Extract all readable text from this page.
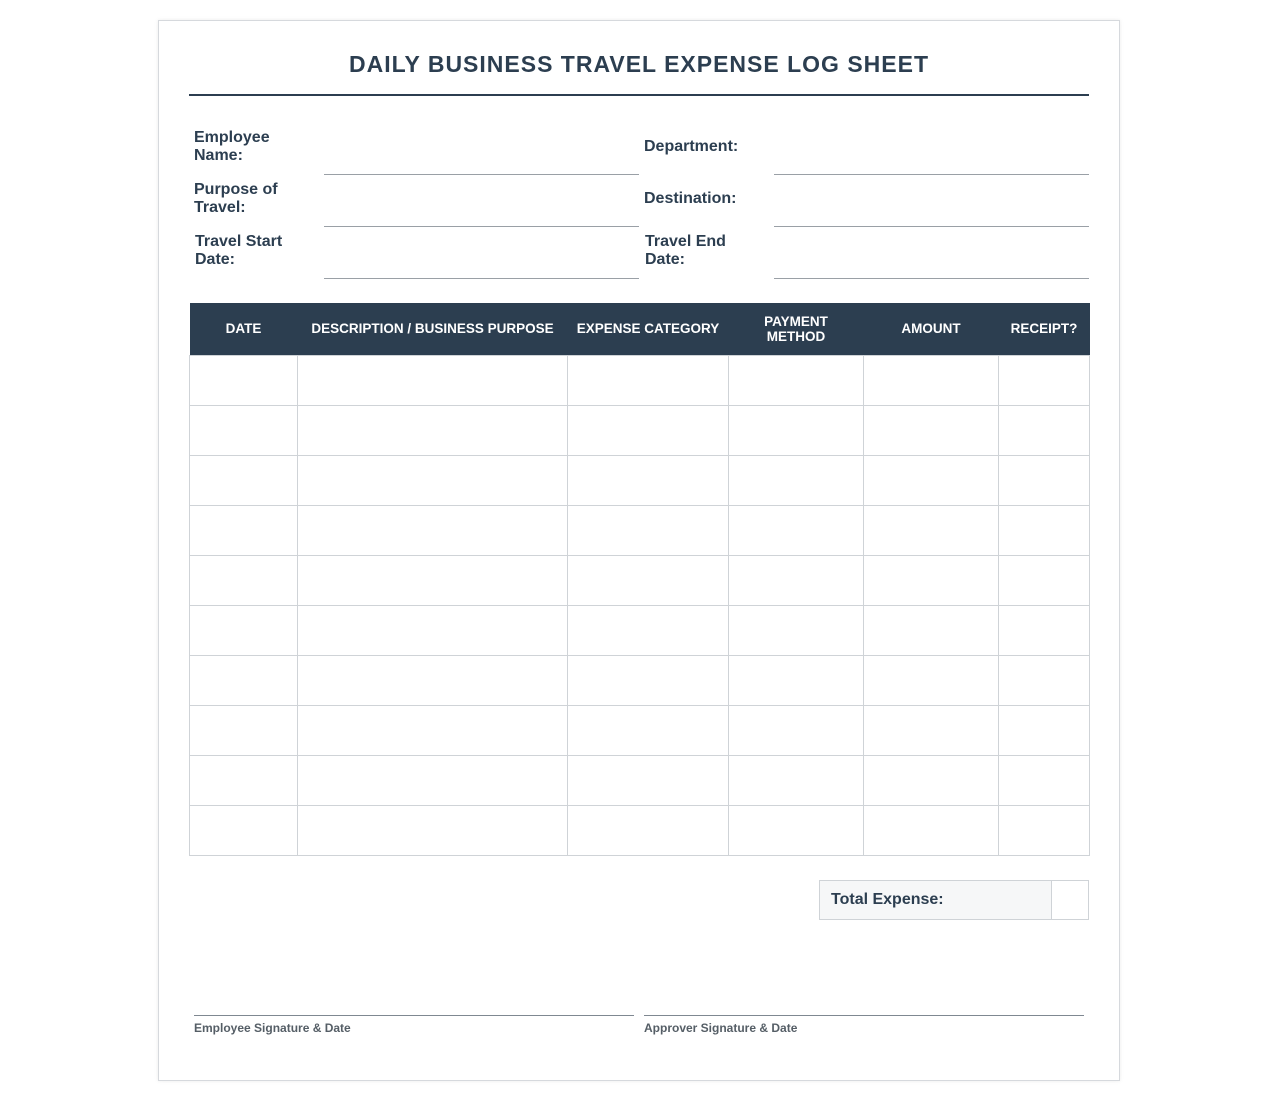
DAILY BUSINESS TRAVEL EXPENSE LOG SHEET
Employee Name:
Department:
Purpose of Travel:
Destination:
Travel Start Date:
Travel End Date:
DATE	DESCRIPTION / BUSINESS PURPOSE	EXPENSE CATEGORY	PAYMENT METHOD	AMOUNT	RECEIPT?

Total Expense:
Employee Signature & Date	Approver Signature & Date
